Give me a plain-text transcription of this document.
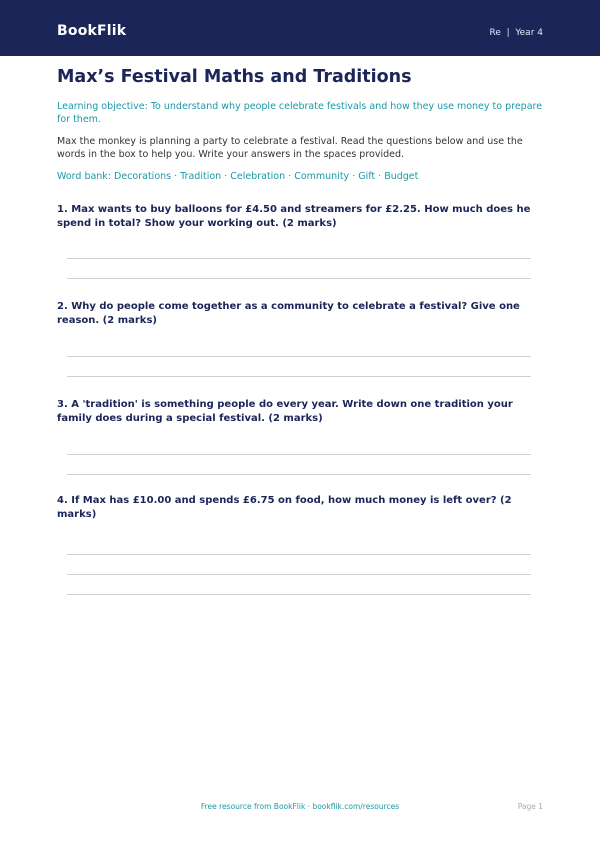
BookFlik	Re  |  Year 4
Max’s Festival Maths and Traditions
Learning objective: To understand why people celebrate festivals and how they use money to prepare for them.
Max the monkey is planning a party to celebrate a festival. Read the questions below and use the words in the box to help you. Write your answers in the spaces provided.
Word bank: Decorations · Tradition · Celebration · Community · Gift · Budget
1. Max wants to buy balloons for £4.50 and streamers for £2.25. How much does he spend in total? Show your working out. (2 marks)
2. Why do people come together as a community to celebrate a festival? Give one reason. (2 marks)
3. A 'tradition' is something people do every year. Write down one tradition your family does during a special festival. (2 marks)
4. If Max has £10.00 and spends £6.75 on food, how much money is left over? (2 marks)
Free resource from BookFlik · bookflik.com/resources	Page 1
